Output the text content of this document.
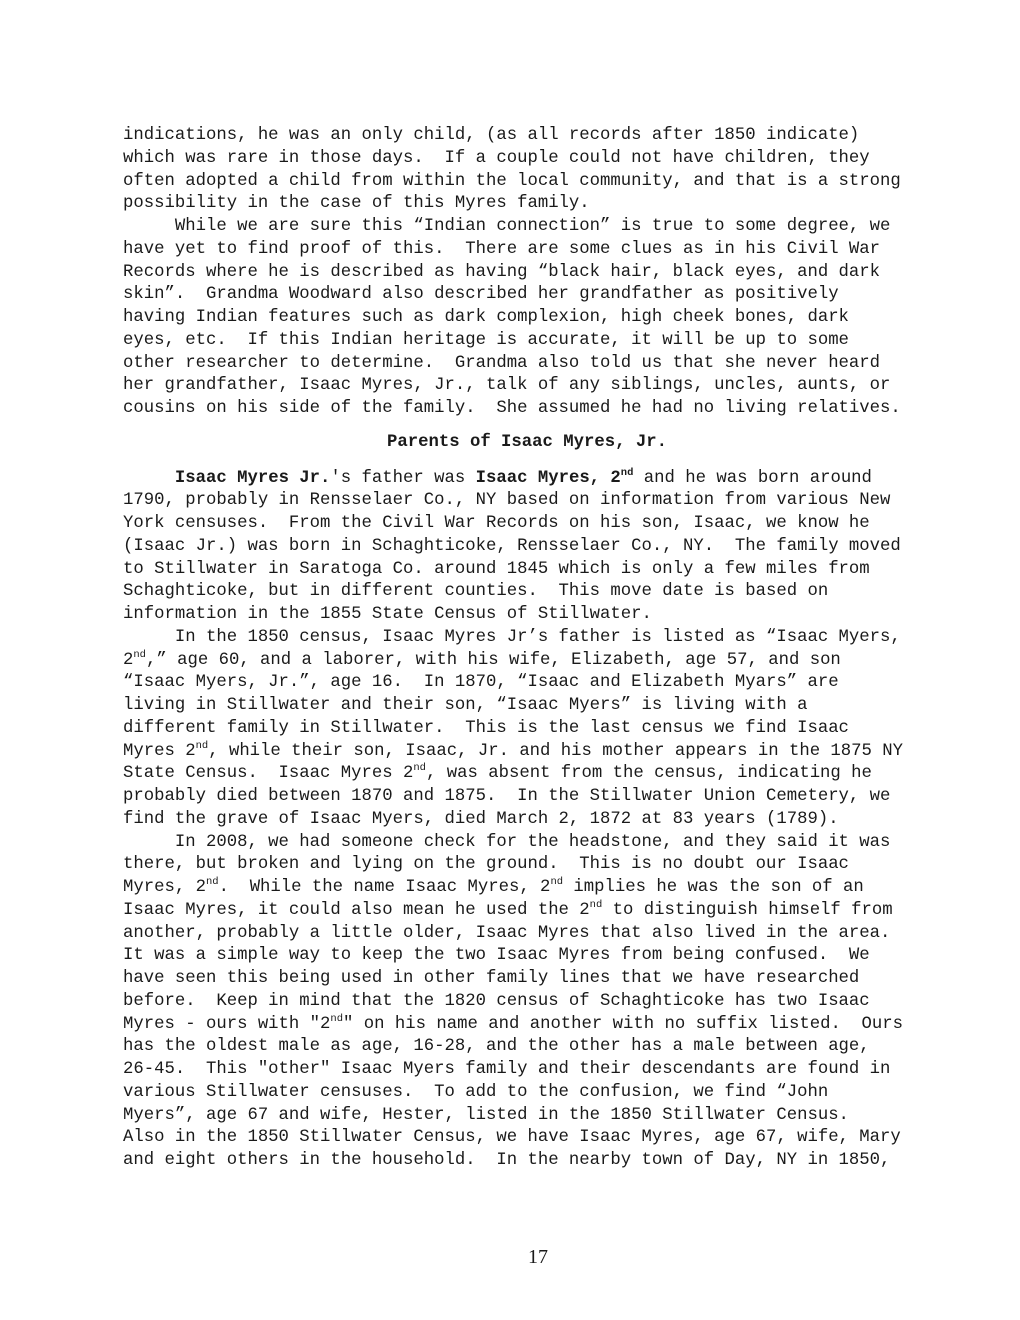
indications, he was an only child, (as all records after 1850 indicate)
which was rare in those days.  If a couple could not have children, they
often adopted a child from within the local community, and that is a strong
possibility in the case of this Myres family.
While we are sure this “Indian connection” is true to some degree, we
have yet to find proof of this.  There are some clues as in his Civil War
Records where he is described as having “black hair, black eyes, and dark
skin”.  Grandma Woodward also described her grandfather as positively
having Indian features such as dark complexion, high cheek bones, dark
eyes, etc.  If this Indian heritage is accurate, it will be up to some
other researcher to determine.  Grandma also told us that she never heard
her grandfather, Isaac Myres, Jr., talk of any siblings, uncles, aunts, or
cousins on his side of the family.  She assumed he had no living relatives.
Parents of Isaac Myres, Jr.
Isaac Myres Jr.'s father was Isaac Myres, 2nd and he was born around
1790, probably in Rensselaer Co., NY based on information from various New
York censuses.  From the Civil War Records on his son, Isaac, we know he
(Isaac Jr.) was born in Schaghticoke, Rensselaer Co., NY.  The family moved
to Stillwater in Saratoga Co. around 1845 which is only a few miles from
Schaghticoke, but in different counties.  This move date is based on
information in the 1855 State Census of Stillwater.
In the 1850 census, Isaac Myres Jr’s father is listed as “Isaac Myers,
2nd,” age 60, and a laborer, with his wife, Elizabeth, age 57, and son
“Isaac Myers, Jr.”, age 16.  In 1870, “Isaac and Elizabeth Myars” are
living in Stillwater and their son, “Isaac Myers” is living with a
different family in Stillwater.  This is the last census we find Isaac
Myres 2nd, while their son, Isaac, Jr. and his mother appears in the 1875 NY
State Census.  Isaac Myres 2nd, was absent from the census, indicating he
probably died between 1870 and 1875.  In the Stillwater Union Cemetery, we
find the grave of Isaac Myers, died March 2, 1872 at 83 years (1789).
In 2008, we had someone check for the headstone, and they said it was
there, but broken and lying on the ground.  This is no doubt our Isaac
Myres, 2nd.  While the name Isaac Myres, 2nd implies he was the son of an
Isaac Myres, it could also mean he used the 2nd to distinguish himself from
another, probably a little older, Isaac Myres that also lived in the area.
It was a simple way to keep the two Isaac Myres from being confused.  We
have seen this being used in other family lines that we have researched
before.  Keep in mind that the 1820 census of Schaghticoke has two Isaac
Myres - ours with "2nd" on his name and another with no suffix listed.  Ours
has the oldest male as age, 16-28, and the other has a male between age,
26-45.  This "other" Isaac Myers family and their descendants are found in
various Stillwater censuses.  To add to the confusion, we find “John
Myers”, age 67 and wife, Hester, listed in the 1850 Stillwater Census.
Also in the 1850 Stillwater Census, we have Isaac Myres, age 67, wife, Mary
and eight others in the household.  In the nearby town of Day, NY in 1850,
17
